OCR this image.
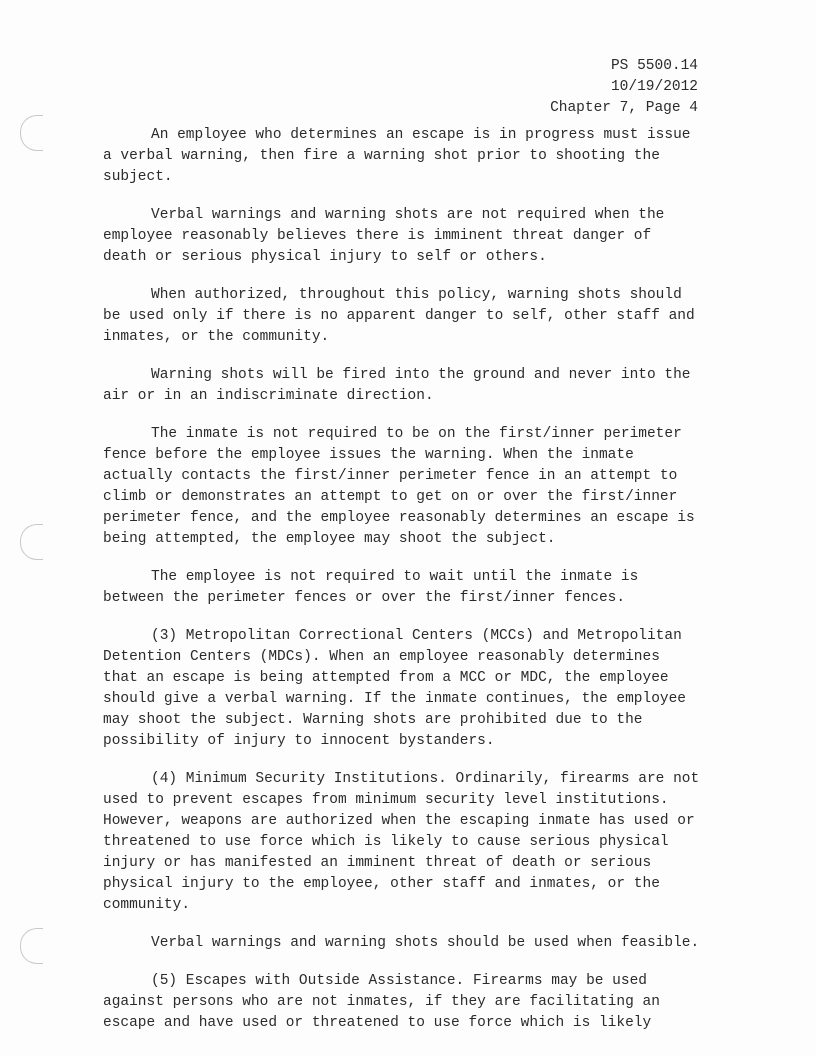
PS 5500.14
10/19/2012
Chapter 7, Page 4

An employee who determines an escape is in progress must issue a verbal warning, then fire a warning shot prior to shooting the subject.

Verbal warnings and warning shots are not required when the employee reasonably believes there is imminent threat danger of death or serious physical injury to self or others.

When authorized, throughout this policy, warning shots should be used only if there is no apparent danger to self, other staff and inmates, or the community.

Warning shots will be fired into the ground and never into the air or in an indiscriminate direction.

The inmate is not required to be on the first/inner perimeter fence before the employee issues the warning. When the inmate actually contacts the first/inner perimeter fence in an attempt to climb or demonstrates an attempt to get on or over the first/inner perimeter fence, and the employee reasonably determines an escape is being attempted, the employee may shoot the subject.

The employee is not required to wait until the inmate is between the perimeter fences or over the first/inner fences.

(3) Metropolitan Correctional Centers (MCCs) and Metropolitan Detention Centers (MDCs). When an employee reasonably determines that an escape is being attempted from a MCC or MDC, the employee should give a verbal warning. If the inmate continues, the employee may shoot the subject. Warning shots are prohibited due to the possibility of injury to innocent bystanders.

(4) Minimum Security Institutions. Ordinarily, firearms are not used to prevent escapes from minimum security level institutions. However, weapons are authorized when the escaping inmate has used or threatened to use force which is likely to cause serious physical injury or has manifested an imminent threat of death or serious physical injury to the employee, other staff and inmates, or the community.

Verbal warnings and warning shots should be used when feasible.

(5) Escapes with Outside Assistance. Firearms may be used against persons who are not inmates, if they are facilitating an escape and have used or threatened to use force which is likely
